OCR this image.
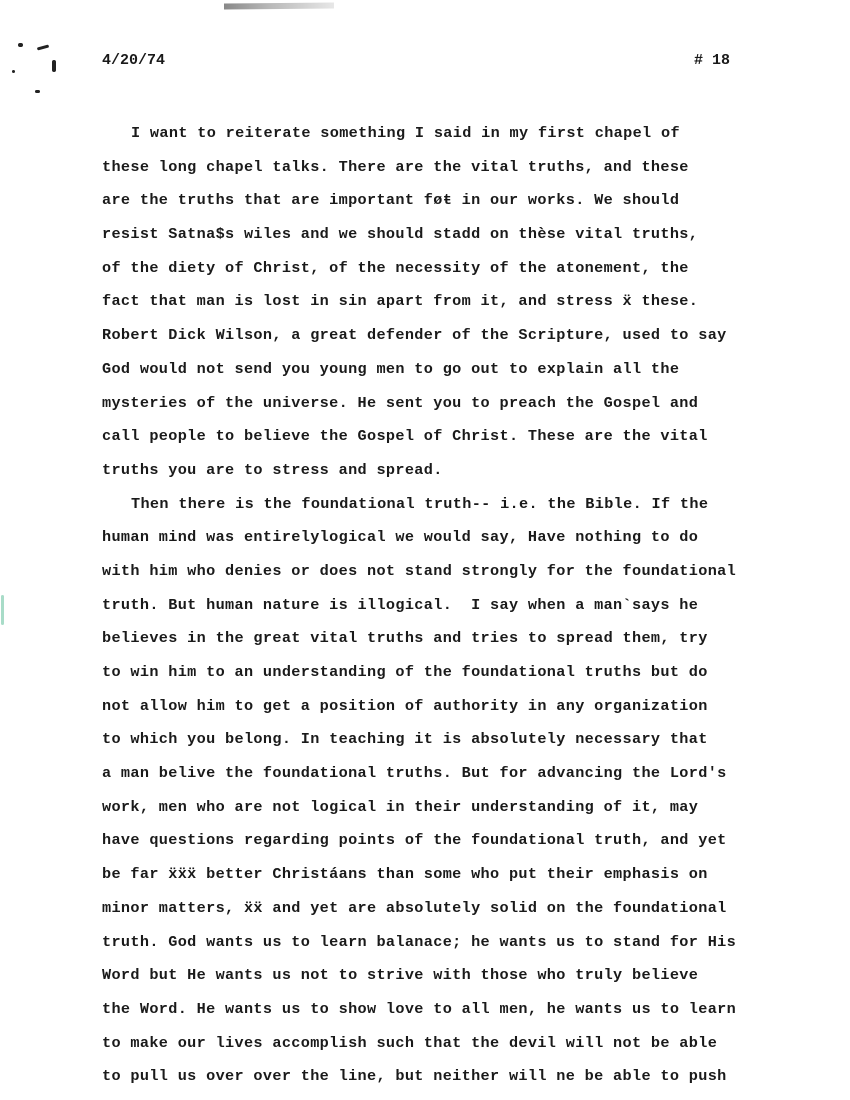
4/20/74	# 18
I want to reiterate something I said in my first chapel of
these long chapel talks. There are the vital truths, and these
are the truths that are important føŧ in our works. We should
resist Satna$s wiles and we should stadd on thèse vital truths,
of the diety of Christ, of the necessity of the atonement, the
fact that man is lost in sin apart from it, and stress ẍ these.
Robert Dick Wilson, a great defender of the Scripture, used to say
God would not send you young men to go out to explain all the
mysteries of the universe. He sent you to preach the Gospel and
call people to believe the Gospel of Christ. These are the vital
truths you are to stress and spread.
Then there is the foundational truth-- i.e. the Bible. If the
human mind was entirelylogical we would say, Have nothing to do
with him who denies or does not stand strongly for the foundational
truth. But human nature is illogical.  I say when a man`says he
believes in the great vital truths and tries to spread them, try
to win him to an understanding of the foundational truths but do
not allow him to get a position of authority in any organization
to which you belong. In teaching it is absolutely necessary that
a man belive the foundational truths. But for advancing the Lord's
work, men who are not logical in their understanding of it, may
have questions regarding points of the foundational truth, and yet
be far ẍẍẍ better Christáans than some who put their emphasis on
minor matters, ẍẍ and yet are absolutely solid on the foundational
truth. God wants us to learn balanace; he wants us to stand for His
Word but He wants us not to strive with those who truly believe
the Word. He wants us to show love to all men, he wants us to learn
to make our lives accomplish such that the devil will not be able
to pull us over over the line, but neither will ne be able to push
